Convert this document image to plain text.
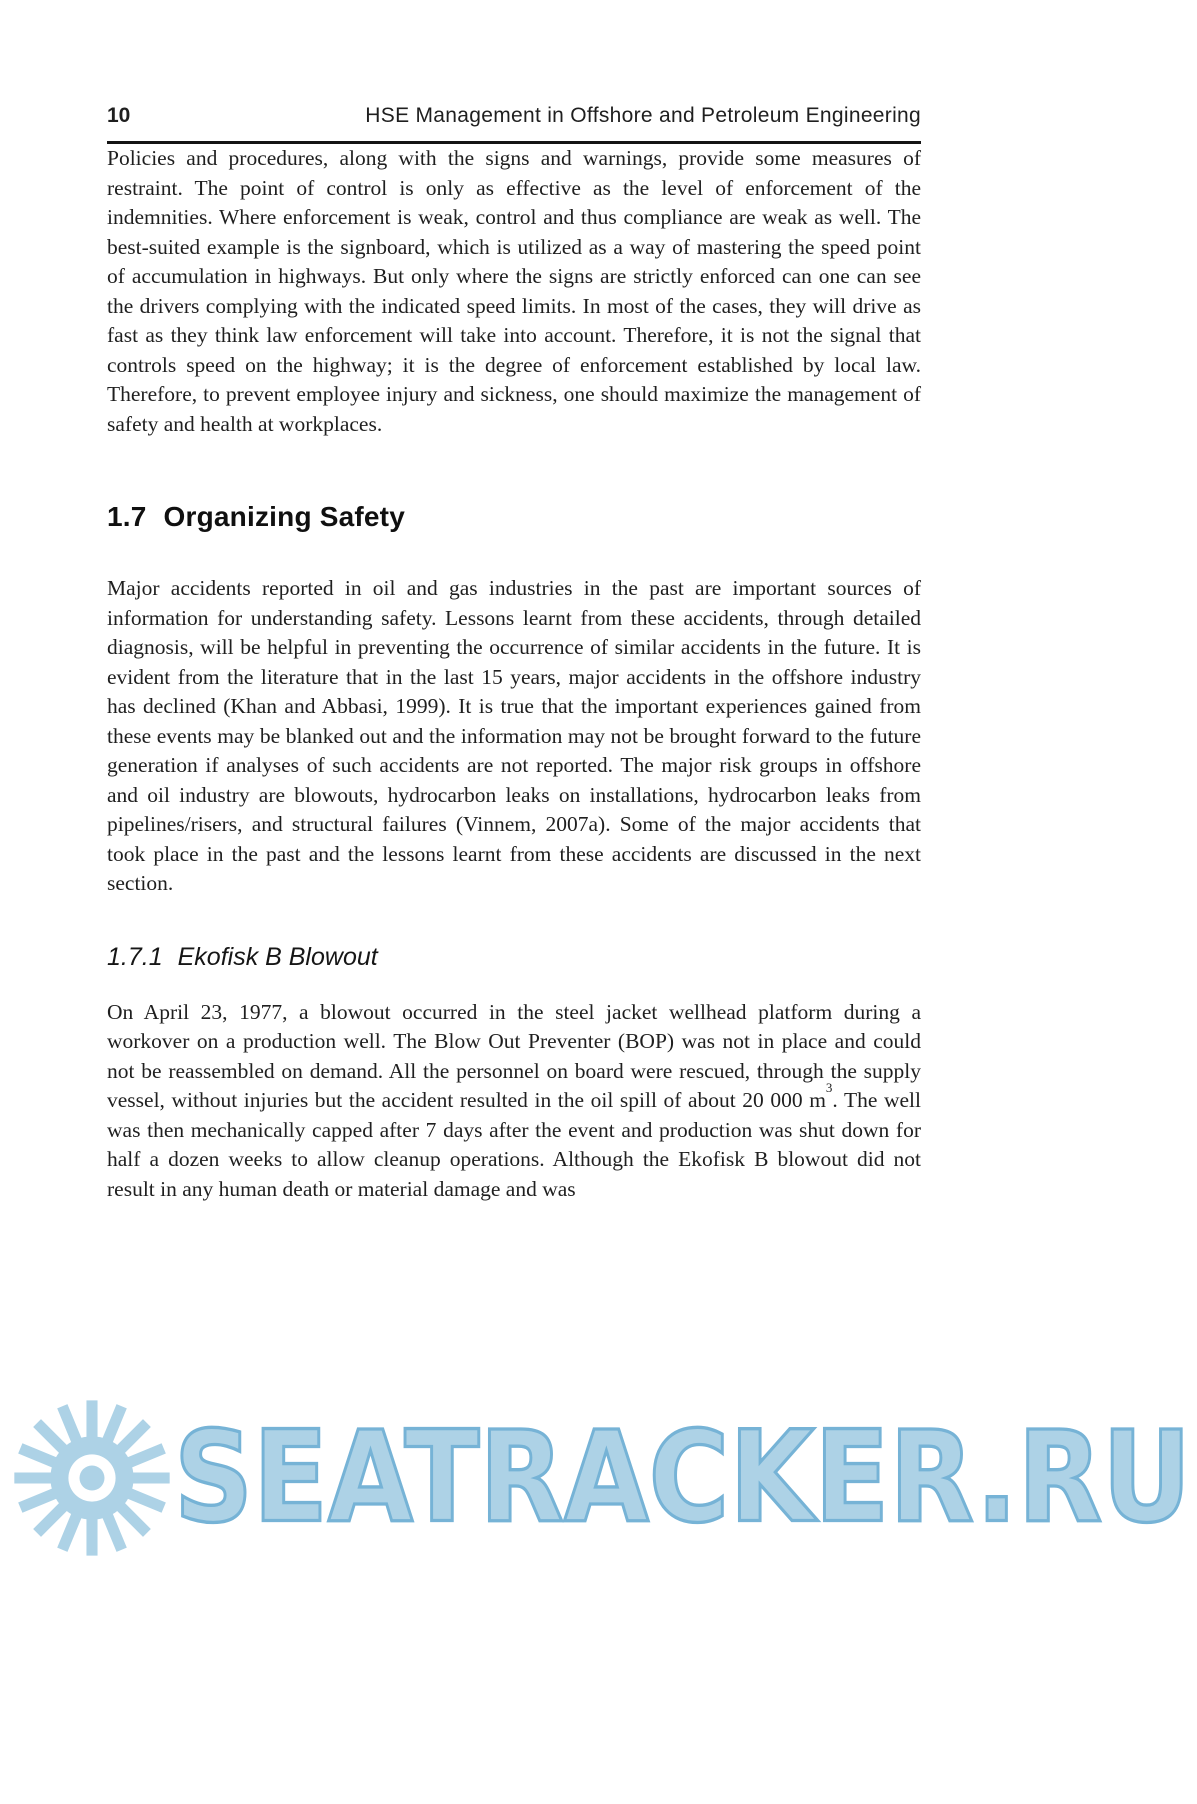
10	HSE Management in Offshore and Petroleum Engineering

Policies and procedures, along with the signs and warnings, provide some measures of restraint. The point of control is only as effective as the level of enforcement of the indemnities. Where enforcement is weak, control and thus compliance are weak as well. The best-suited example is the signboard, which is utilized as a way of mastering the speed point of accumulation in highways. But only where the signs are strictly enforced can one can see the drivers complying with the indicated speed limits. In most of the cases, they will drive as fast as they think law enforcement will take into account. Therefore, it is not the signal that controls speed on the highway; it is the degree of enforcement established by local law. Therefore, to prevent employee injury and sickness, one should maximize the management of safety and health at workplaces.

1.7 Organizing Safety

Major accidents reported in oil and gas industries in the past are important sources of information for understanding safety. Lessons learnt from these accidents, through detailed diagnosis, will be helpful in preventing the occurrence of similar accidents in the future. It is evident from the literature that in the last 15 years, major accidents in the offshore industry has declined (Khan and Abbasi, 1999). It is true that the important experiences gained from these events may be blanked out and the information may not be brought forward to the future generation if analyses of such accidents are not reported. The major risk groups in offshore and oil industry are blowouts, hydrocarbon leaks on installations, hydrocarbon leaks from pipelines/risers, and structural failures (Vinnem, 2007a). Some of the major accidents that took place in the past and the lessons learnt from these accidents are discussed in the next section.

1.7.1 Ekofisk B Blowout

On April 23, 1977, a blowout occurred in the steel jacket wellhead platform during a workover on a production well. The Blow Out Preventer (BOP) was not in place and could not be reassembled on demand. All the personnel on board were rescued, through the supply vessel, without injuries but the accident resulted in the oil spill of about 20 000 $m^3$. The well was then mechanically capped after 7 days after the event and production was shut down for half a dozen weeks to allow cleanup operations. Although the Ekofisk B blowout did not result in any human death or material damage and was

SEATRACKER.RU
